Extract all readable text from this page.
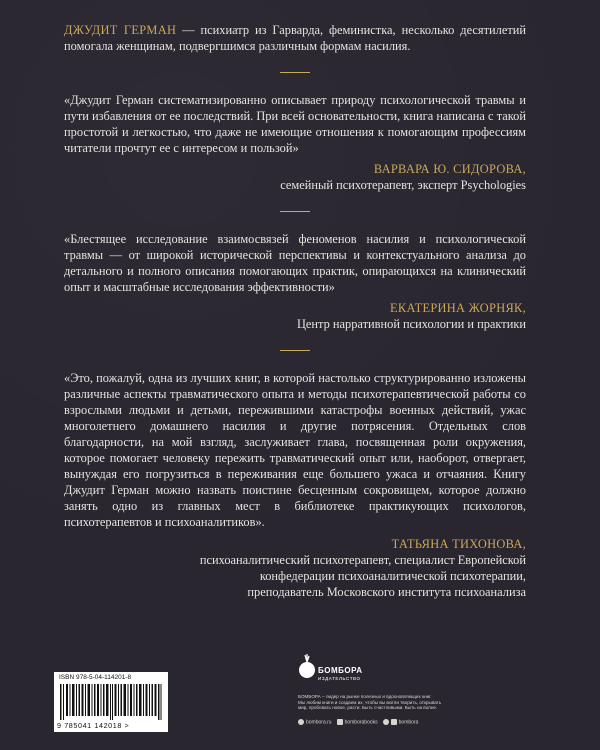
ДЖУДИТ ГЕРМАН — психиатр из Гарварда, феминистка, несколько десятилетий помогала женщинам, подвергшимся различным формам насилия.

«Джудит Герман систематизированно описывает природу психологической травмы и пути избавления от ее последствий. При всей основательности, книга написана с такой простотой и легкостью, что даже не имеющие отношения к помогающим профессиям читатели прочтут ее с интересом и пользой»

ВАРВАРА Ю. СИДОРОВА,
семейный психотерапевт, эксперт Psychologies

«Блестящее исследование взаимосвязей феноменов насилия и психологической травмы — от широкой исторической перспективы и контекстуального анализа до детального и полного описания помогающих практик, опирающихся на клинический опыт и масштабные исследования эффективности»

ЕКАТЕРИНА ЖОРНЯК,
Центр нарративной психологии и практики

«Это, пожалуй, одна из лучших книг, в которой настолько структурированно изложены различные аспекты травматического опыта и методы психотерапевтической работы со взрослыми людьми и детьми, пережившими катастрофы военных действий, ужас многолетнего домашнего насилия и другие потрясения. Отдельных слов благодарности, на мой взгляд, заслуживает глава, посвященная роли окружения, которое помогает человеку пережить травматический опыт или, наоборот, отвергает, вынуждая его погрузиться в переживания еще большего ужаса и отчаяния. Книгу Джудит Герман можно назвать поистине бесценным сокровищем, которое должно занять одно из главных мест в библиотеке практикующих психологов, психотерапевтов и психоаналитиков».

ТАТЬЯНА ТИХОНОВА,
психоаналитический психотерапевт, специалист Европейской
конфедерации психоаналитической психотерапии,
преподаватель Московского института психоанализа
ISBN 978-5-04-114201-8
9 785041 142018 >
БОМБОРА
ИЗДАТЕЛЬСТВО
БОМБОРА – лидер на рынке полезных и вдохновляющих книг.
Мы любим книги и создаем их, чтобы вы могли творить, открывать
мир, пробовать новое, расти. Быть счастливыми. Быть на волне.
bombora.ru	bomborabooks	bombora
